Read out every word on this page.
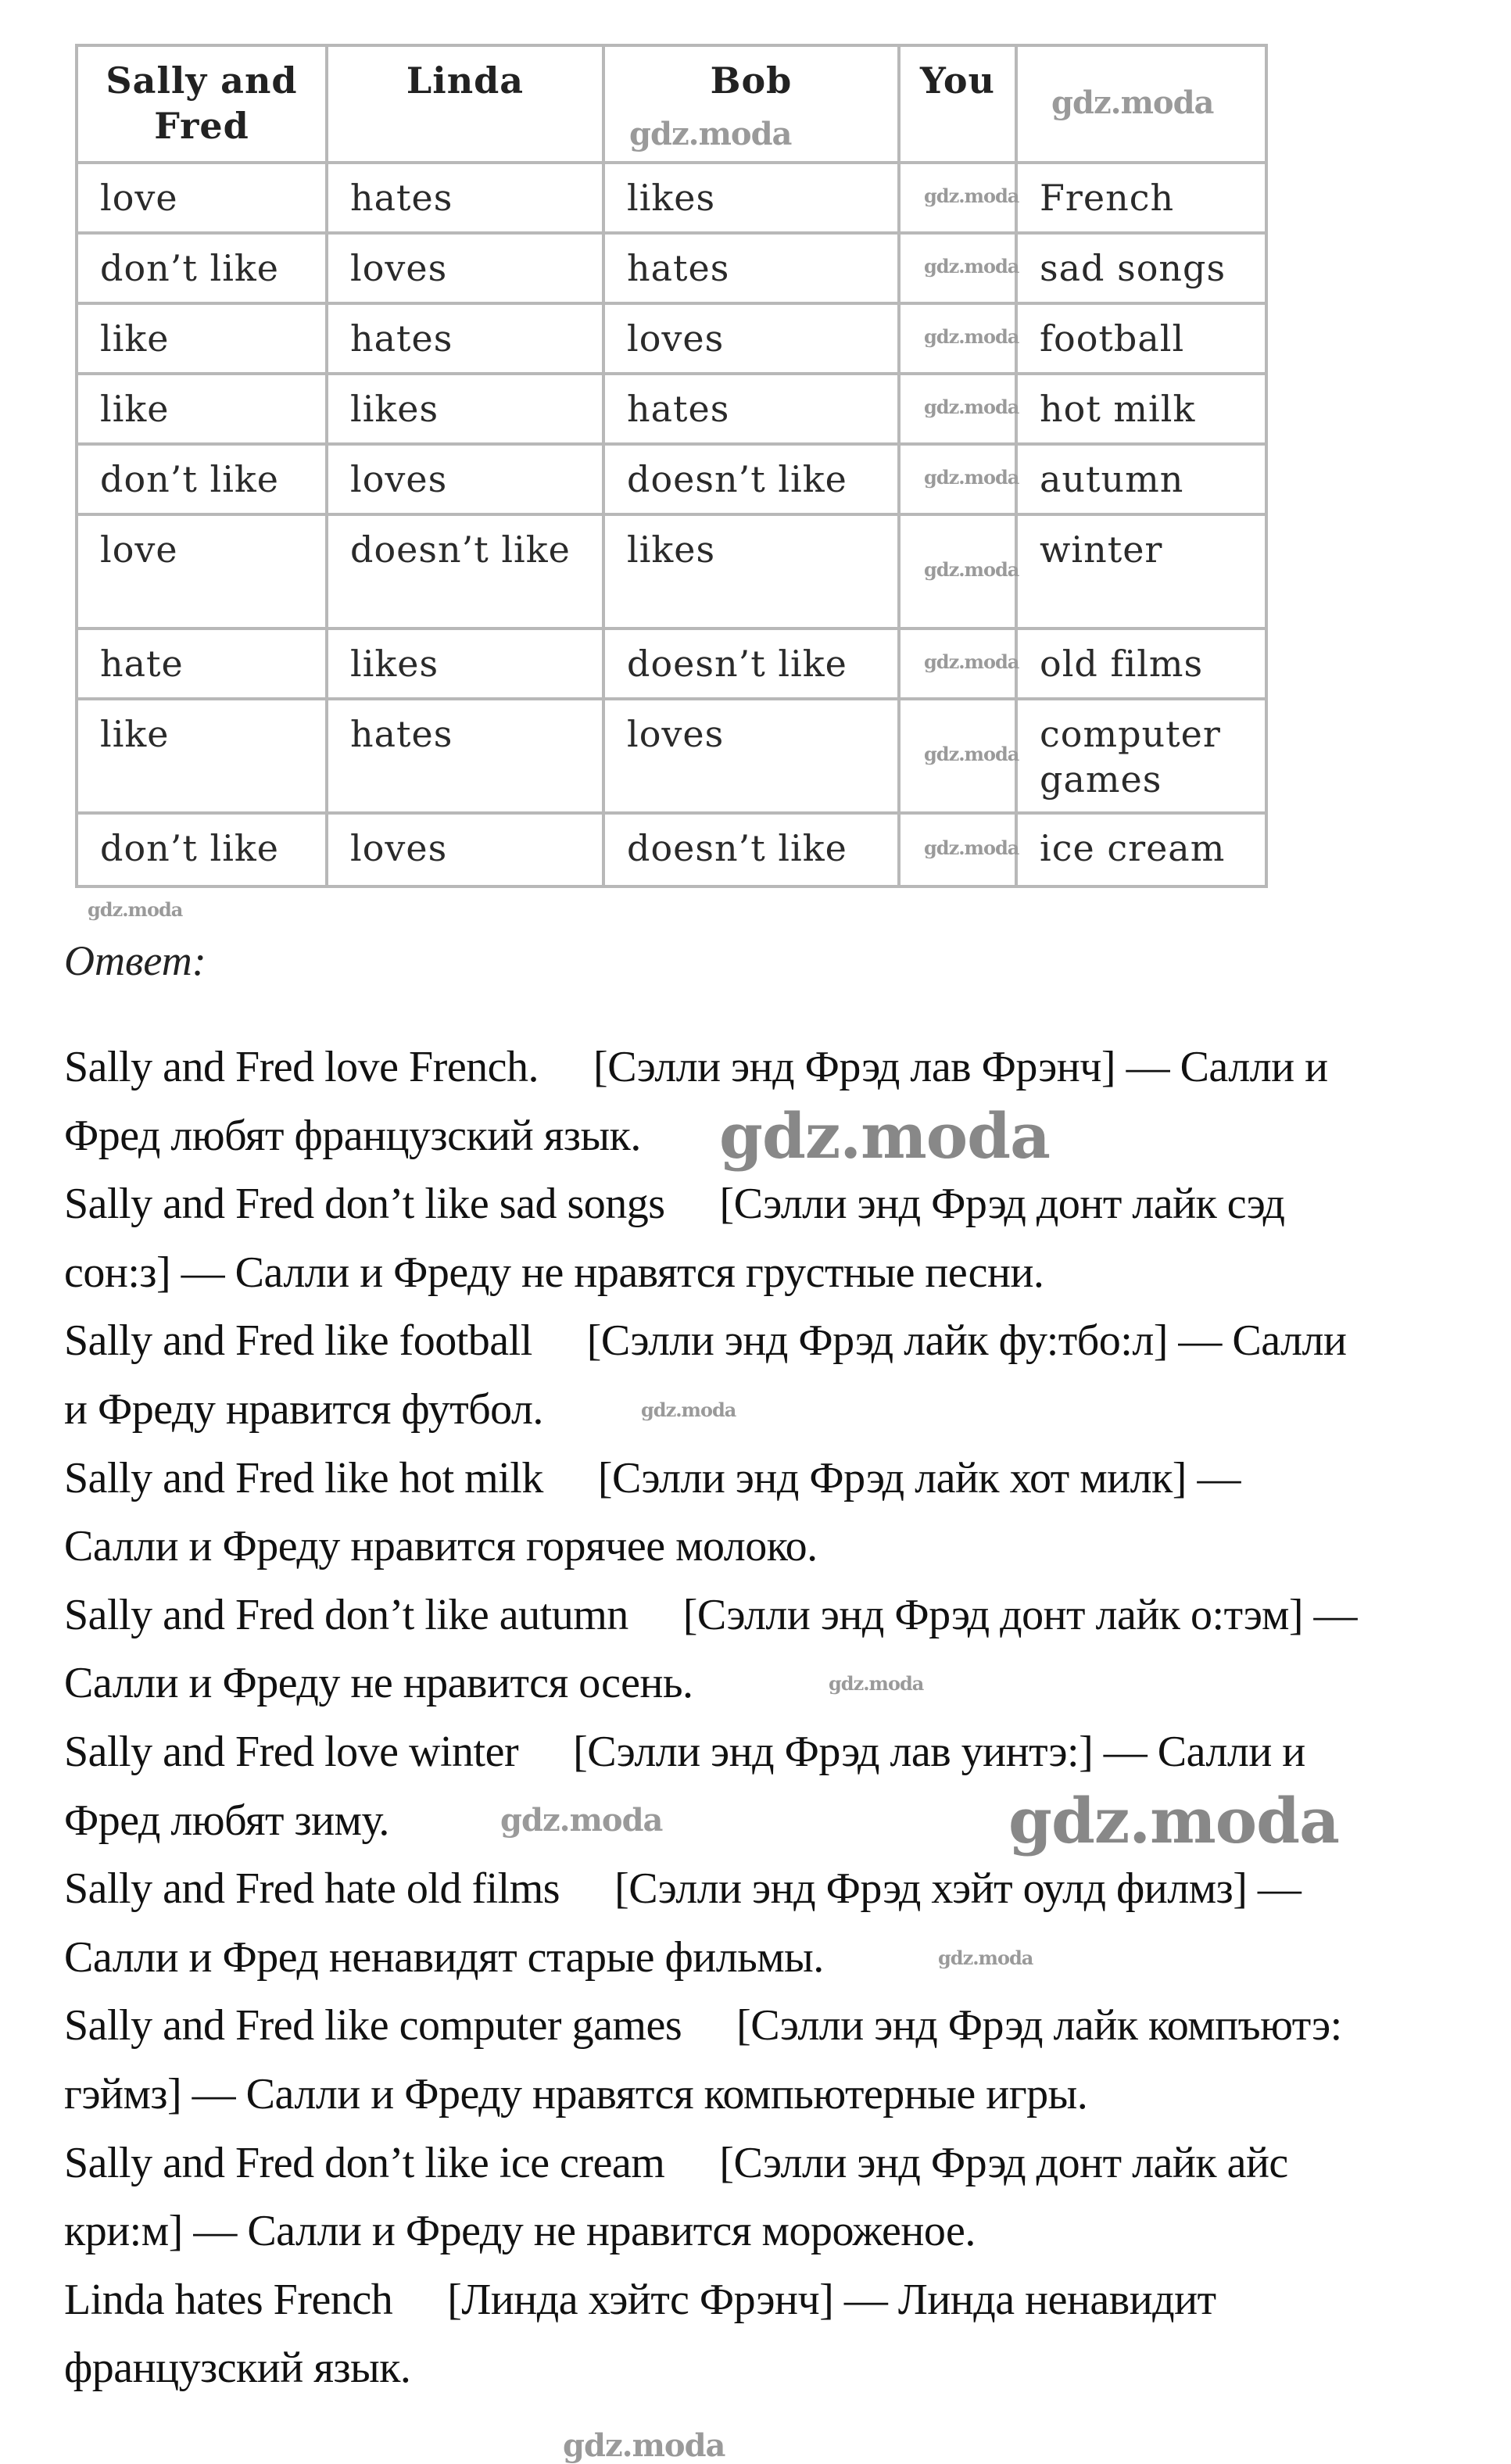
Sally and Fred	Linda	Bob	You	
love	hates	likes		French
don’t like	loves	hates		sad songs
like	hates	loves		football
like	likes	hates		hot milk
don’t like	loves	doesn’t like		autumn
love	doesn’t like	likes		winter
hate	likes	doesn’t like		old films
like	hates	loves		computer games
don’t like	loves	doesn’t like		ice cream
Ответ:
Sally and Fred love French. [Сэлли энд Фрэд лав Фрэнч] — Салли и
Фред любят французский язык.
Sally and Fred don’t like sad songs [Сэлли энд Фрэд донт лайк сэд
сон:з] — Салли и Фреду не нравятся грустные песни.
Sally and Fred like football [Сэлли энд Фрэд лайк фу:тбо:л] — Салли
и Фреду нравится футбол.
Sally and Fred like hot milk [Сэлли энд Фрэд лайк хот милк] —
Салли и Фреду нравится горячее молоко.
Sally and Fred don’t like autumn [Сэлли энд Фрэд донт лайк о:тэм] —
Салли и Фреду не нравится осень.
Sally and Fred love winter [Сэлли энд Фрэд лав уинтэ:] — Салли и
Фред любят зиму.
Sally and Fred hate old films [Сэлли энд Фрэд хэйт оулд филмз] —
Салли и Фред ненавидят старые фильмы.
Sally and Fred like computer games [Сэлли энд Фрэд лайк компъютэ:
гэймз] — Салли и Фреду нравятся компьютерные игры.
Sally and Fred don’t like ice cream [Сэлли энд Фрэд донт лайк айс
кри:м] — Салли и Фреду не нравится мороженое.
Linda hates French [Линда хэйтс Фрэнч] — Линда ненавидит
французский язык.
gdz.moda
gdz.moda
gdz.moda
gdz.moda
gdz.moda
gdz.moda
gdz.moda
gdz.moda
gdz.moda
gdz.moda
gdz.moda
gdz.moda
gdz.moda
gdz.moda
gdz.moda
gdz.moda	gdz.moda
gdz.moda
gdz.moda
